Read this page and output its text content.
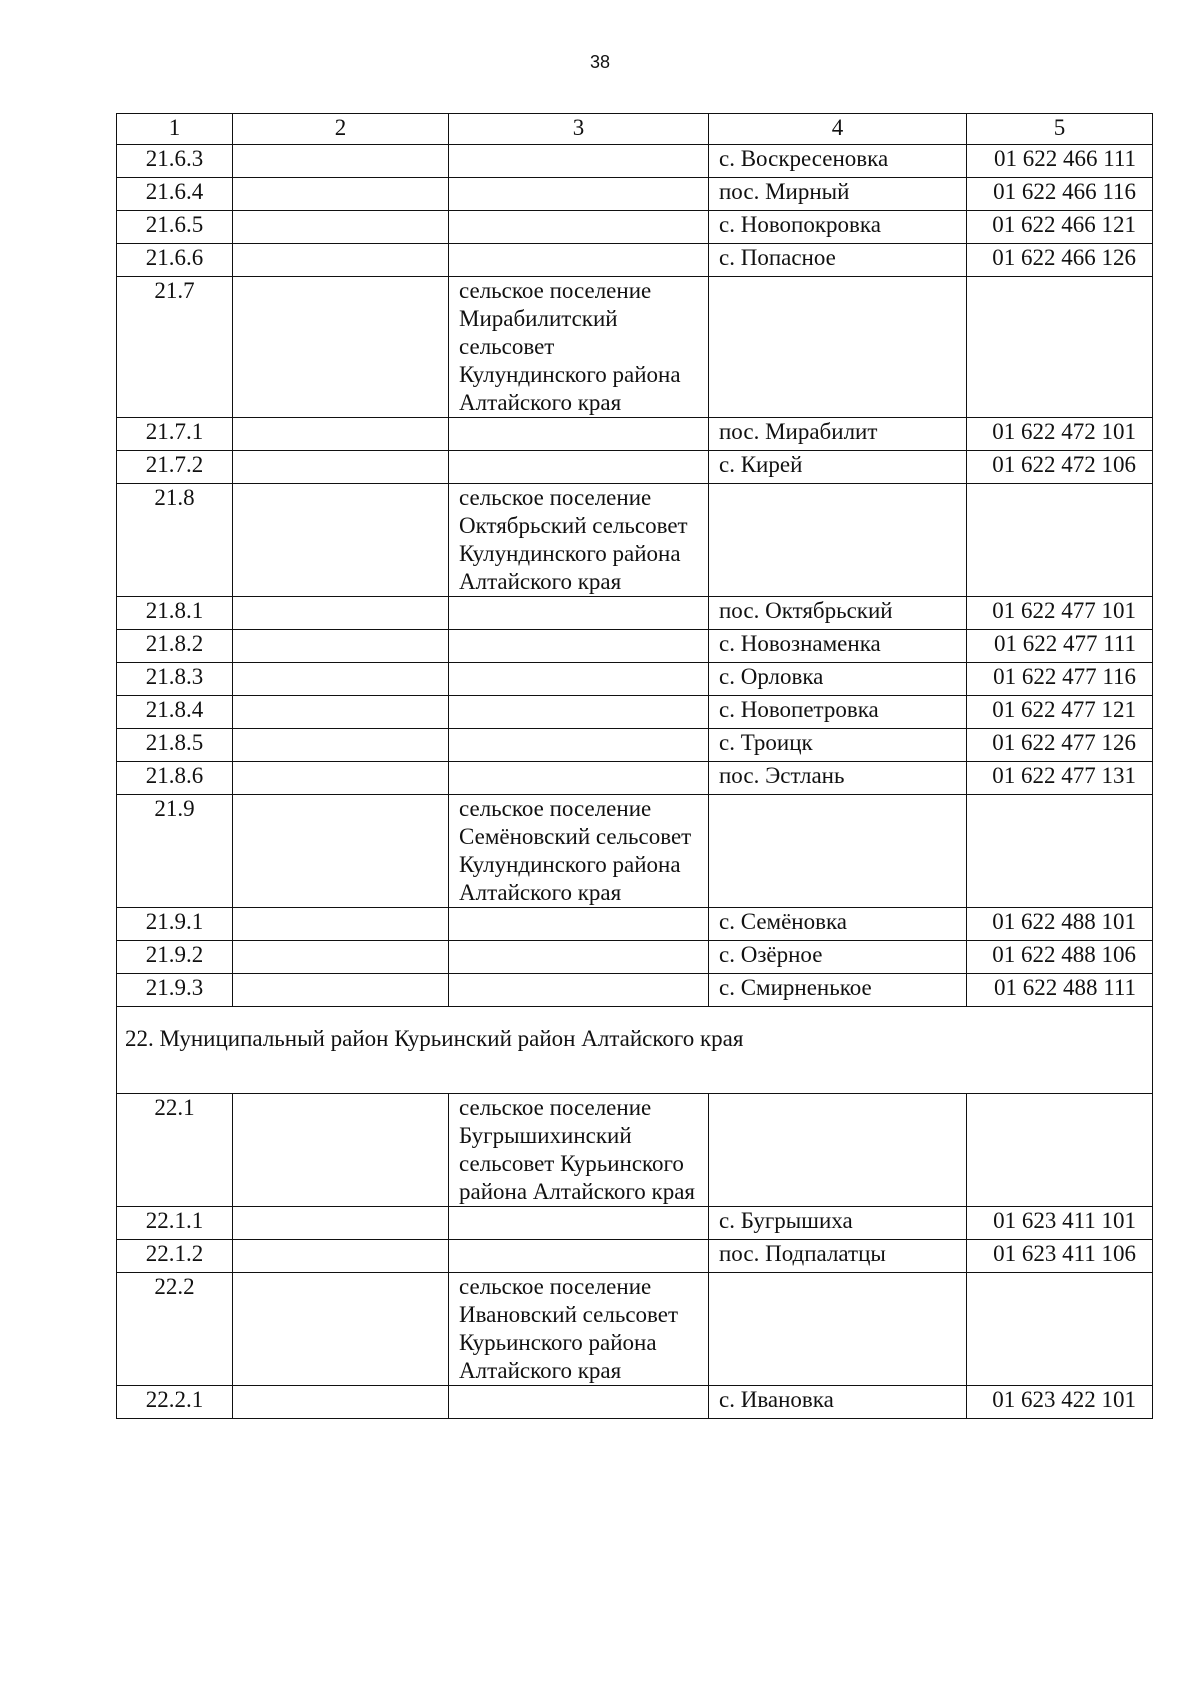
38
1	2	3	4	5
21.6.3			с. Воскресеновка	01 622 466 111
21.6.4			пос. Мирный	01 622 466 116
21.6.5			с. Новопокровка	01 622 466 121
21.6.6			с. Попасное	01 622 466 126
21.7		сельское поселение Мирабилитский сельсовет Кулундинского района Алтайского края		
21.7.1			пос. Мирабилит	01 622 472 101
21.7.2			с. Кирей	01 622 472 106
21.8		сельское поселение Октябрьский сельсовет Кулундинского района Алтайского края		
21.8.1			пос. Октябрьский	01 622 477 101
21.8.2			с. Новознаменка	01 622 477 111
21.8.3			с. Орловка	01 622 477 116
21.8.4			с. Новопетровка	01 622 477 121
21.8.5			с. Троицк	01 622 477 126
21.8.6			пос. Эстлань	01 622 477 131
21.9		сельское поселение Семёновский сельсовет Кулундинского района Алтайского края		
21.9.1			с. Семёновка	01 622 488 101
21.9.2			с. Озёрное	01 622 488 106
21.9.3			с. Смирненькое	01 622 488 111
22. Муниципальный район Курьинский район Алтайского края				
22.1		сельское поселение Бугрышихинский сельсовет Курьинского района Алтайского края		
22.1.1			с. Бугрышиха	01 623 411 101
22.1.2			пос. Подпалатцы	01 623 411 106
22.2		сельское поселение Ивановский сельсовет Курьинского района Алтайского края		
22.2.1			с. Ивановка	01 623 422 101
